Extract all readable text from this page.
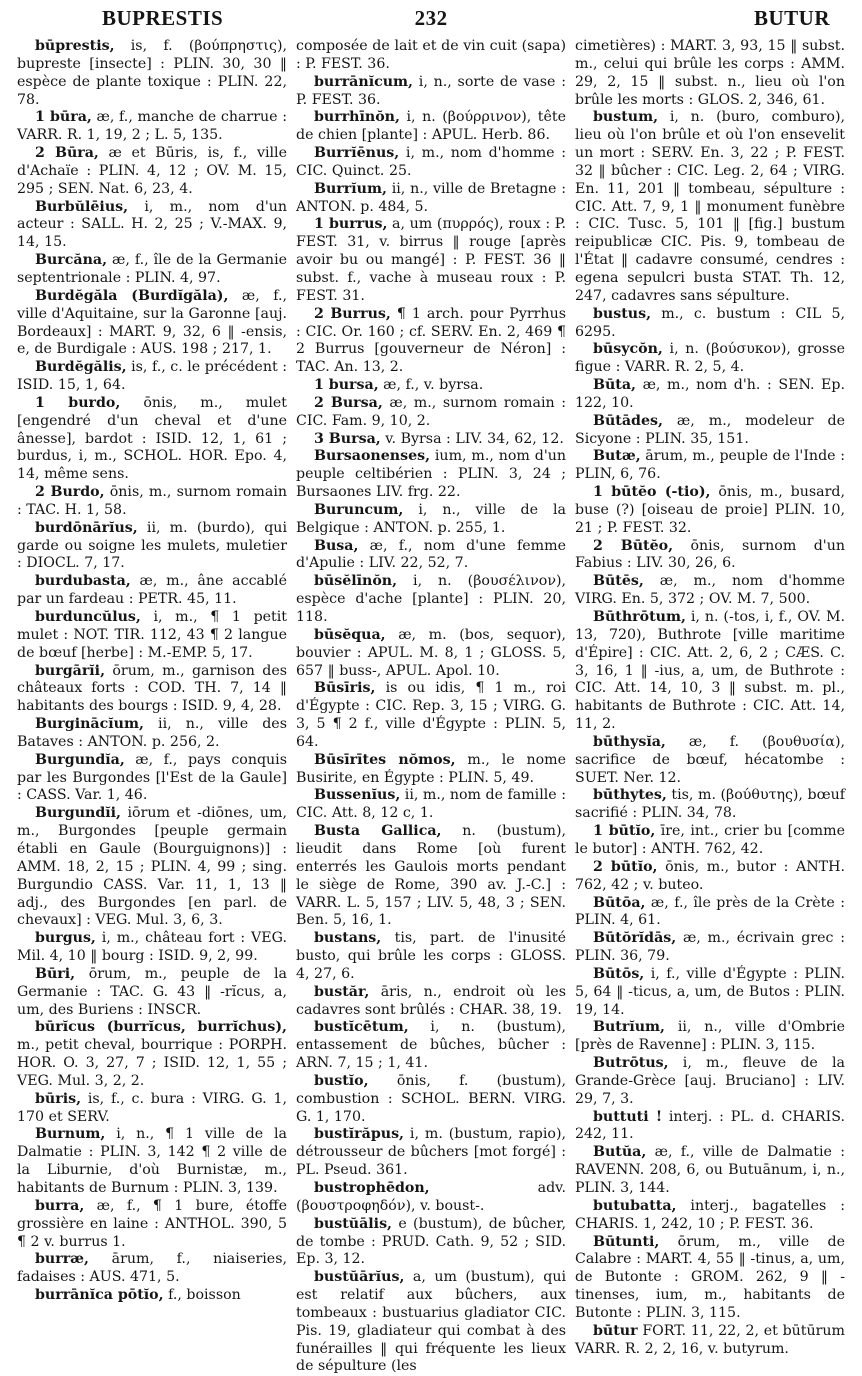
BUPRESTIS	232	BUTUR

būprestis, is, f. (βούπρηστις), bupreste [insecte] : PLIN. 30, 30 ‖ espèce de plante toxique : PLIN. 22, 78.

1 būra, æ, f., manche de charrue : VARR. R. 1, 19, 2 ; L. 5, 135.

2 Būra, æ et Būris, is, f., ville d'Achaïe : PLIN. 4, 12 ; OV. M. 15, 295 ; SEN. Nat. 6, 23, 4.

Burbŭlēius, i, m., nom d'un acteur : SALL. H. 2, 25 ; V.-MAX. 9, 14, 15.

Burcăna, æ, f., île de la Germanie septentrionale : PLIN. 4, 97.

Burdĕgăla (Burdĭgăla), æ, f., ville d'Aquitaine, sur la Garonne [auj. Bordeaux] : MART. 9, 32, 6 ‖ -ensis, e, de Burdigale : AUS. 198 ; 217, 1.

Burdĕgălis, is, f., c. le précédent : ISID. 15, 1, 64.

1 burdo, ōnis, m., mulet [engendré d'un cheval et d'une ânesse], bardot : ISID. 12, 1, 61 ; burdus, i, m., SCHOL. HOR. Epo. 4, 14, même sens.

2 Burdo, ōnis, m., surnom romain : TAC. H. 1, 58.

burdōnārĭus, ii, m. (burdo), qui garde ou soigne les mulets, muletier : DIOCL. 7, 17.

burdubasta, æ, m., âne accablé par un fardeau : PETR. 45, 11.

burduncŭlus, i, m., ¶ 1 petit mulet : NOT. TIR. 112, 43 ¶ 2 langue de bœuf [herbe] : M.-EMP. 5, 17.

burgārĭi, ōrum, m., garnison des châteaux forts : COD. TH. 7, 14 ‖ habitants des bourgs : ISID. 9, 4, 28.

Burginācĭum, ii, n., ville des Bataves : ANTON. p. 256, 2.

Burgundĭa, æ, f., pays conquis par les Burgondes [l'Est de la Gaule] : CASS. Var. 1, 46.

Burgundĭi, iōrum et -diōnes, um, m., Burgondes [peuple germain établi en Gaule (Bourguignons)] : AMM. 18, 2, 15 ; PLIN. 4, 99 ; sing. Burgundio CASS. Var. 11, 1, 13 ‖ adj., des Burgondes [en parl. de chevaux] : VEG. Mul. 3, 6, 3.

burgus, i, m., château fort : VEG. Mil. 4, 10 ‖ bourg : ISID. 9, 2, 99.

Būri, ōrum, m., peuple de la Germanie : TAC. G. 43 ‖ -rĭcus, a, um, des Buriens : INSCR.

būrĭcus (burrĭcus, burrĭchus), m., petit cheval, bourrique : PORPH. HOR. O. 3, 27, 7 ; ISID. 12, 1, 55 ; VEG. Mul. 3, 2, 2.

būris, is, f., c. bura : VIRG. G. 1, 170 et SERV.

Burnum, i, n., ¶ 1 ville de la Dalmatie : PLIN. 3, 142 ¶ 2 ville de la Liburnie, d'où Burnistæ, m., habitants de Burnum : PLIN. 3, 139.

burra, æ, f., ¶ 1 bure, étoffe grossière en laine : ANTHOL. 390, 5 ¶ 2 v. burrus 1.

burræ, ārum, f., niaiseries, fadaises : AUS. 471, 5.

burrānĭca pōtĭo, f., boisson

composée de lait et de vin cuit (sapa) : P. FEST. 36.

burrānĭcum, i, n., sorte de vase : P. FEST. 36.

burrhīnŏn, i, n. (βούρρινον), tête de chien [plante] : APUL. Herb. 86.

Burrĭēnus, i, m., nom d'homme : CIC. Quinct. 25.

Burrĭum, ii, n., ville de Bretagne : ANTON. p. 484, 5.

1 burrus, a, um (πυρρός), roux : P. FEST. 31, v. birrus ‖ rouge [après avoir bu ou mangé] : P. FEST. 36 ‖ subst. f., vache à museau roux : P. FEST. 31.

2 Burrus, ¶ 1 arch. pour Pyrrhus : CIC. Or. 160 ; cf. SERV. En. 2, 469 ¶ 2 Burrus [gouverneur de Néron] : TAC. An. 13, 2.

1 bursa, æ, f., v. byrsa.

2 Bursa, æ, m., surnom romain : CIC. Fam. 9, 10, 2.

3 Bursa, v. Byrsa : LIV. 34, 62, 12.

Bursaonenses, ium, m., nom d'un peuple celtibérien : PLIN. 3, 24 ; Bursaones LIV. frg. 22.

Buruncum, i, n., ville de la Belgique : ANTON. p. 255, 1.

Busa, æ, f., nom d'une femme d'Apulie : LIV. 22, 52, 7.

būsĕlīnŏn, i, n. (βουσέλινον), espèce d'ache [plante] : PLIN. 20, 118.

būsĕqua, æ, m. (bos, sequor), bouvier : APUL. M. 8, 1 ; GLOSS. 5, 657 ‖ buss-, APUL. Apol. 10.

Būsīris, is ou idis, ¶ 1 m., roi d'Égypte : CIC. Rep. 3, 15 ; VIRG. G. 3, 5 ¶ 2 f., ville d'Égypte : PLIN. 5, 64.

Būsīrītes nŏmos, m., le nome Busirite, en Égypte : PLIN. 5, 49.

Bussenĭus, ii, m., nom de famille : CIC. Att. 8, 12 c, 1.

Busta Gallica, n. (bustum), lieudit dans Rome [où furent enterrés les Gaulois morts pendant le siège de Rome, 390 av. J.-C.] : VARR. L. 5, 157 ; LIV. 5, 48, 3 ; SEN. Ben. 5, 16, 1.

bustans, tis, part. de l'inusité busto, qui brûle les corps : GLOSS. 4, 27, 6.

bustăr, āris, n., endroit où les cadavres sont brûlés : CHAR. 38, 19.

bustĭcētum, i, n. (bustum), entassement de bûches, bûcher : ARN. 7, 15 ; 1, 41.

bustĭo, ōnis, f. (bustum), combustion : SCHOL. BERN. VIRG. G. 1, 170.

bustĭrăpus, i, m. (bustum, rapio), détrousseur de bûchers [mot forgé] : PL. Pseud. 361.

bustrophēdon, adv. (βουστροφηδόν), v. boust-.

bustŭālis, e (bustum), de bûcher, de tombe : PRUD. Cath. 9, 52 ; SID. Ep. 3, 12.

bustŭārĭus, a, um (bustum), qui est relatif aux bûchers, aux tombeaux : bustuarius gladiator CIC. Pis. 19, gladiateur qui combat à des funérailles ‖ qui fréquente les lieux de sépulture (les

cimetières) : MART. 3, 93, 15 ‖ subst. m., celui qui brûle les corps : AMM. 29, 2, 15 ‖ subst. n., lieu où l'on brûle les morts : GLOS. 2, 346, 61.

bustum, i, n. (buro, comburo), lieu où l'on brûle et où l'on ensevelit un mort : SERV. En. 3, 22 ; P. FEST. 32 ‖ bûcher : CIC. Leg. 2, 64 ; VIRG. En. 11, 201 ‖ tombeau, sépulture : CIC. Att. 7, 9, 1 ‖ monument funèbre : CIC. Tusc. 5, 101 ‖ [fig.] bustum reipublicæ CIC. Pis. 9, tombeau de l'État ‖ cadavre consumé, cendres : egena sepulcri busta STAT. Th. 12, 247, cadavres sans sépulture.

bustus, m., c. bustum : CIL 5, 6295.

būsycŏn, i, n. (βούσυκον), grosse figue : VARR. R. 2, 5, 4.

Būta, æ, m., nom d'h. : SEN. Ep. 122, 10.

Būtādes, æ, m., modeleur de Sicyone : PLIN. 35, 151.

Butæ, ārum, m., peuple de l'Inde : PLIN, 6, 76.

1 būtĕo (-tio), ōnis, m., busard, buse (?) [oiseau de proie] PLIN. 10, 21 ; P. FEST. 32.

2 Būtĕo, ōnis, surnom d'un Fabius : LIV. 30, 26, 6.

Būtēs, æ, m., nom d'homme VIRG. En. 5, 372 ; OV. M. 7, 500.

Būthrōtum, i, n. (-tos, i, f., OV. M. 13, 720), Buthrote [ville maritime d'Épire] : CIC. Att. 2, 6, 2 ; CÆS. C. 3, 16, 1 ‖ -ius, a, um, de Buthrote : CIC. Att. 14, 10, 3 ‖ subst. m. pl., habitants de Buthrote : CIC. Att. 14, 11, 2.

būthysĭa, æ, f. (βουθυσία), sacrifice de bœuf, hécatombe : SUET. Ner. 12.

būthytes, tis, m. (βούθυτης), bœuf sacrifié : PLIN. 34, 78.

1 būtĭo, īre, int., crier bu [comme le butor] : ANTH. 762, 42.

2 būtĭo, ōnis, m., butor : ANTH. 762, 42 ; v. buteo.

Būtōa, æ, f., île près de la Crète : PLIN. 4, 61.

Būtŏrĭdās, æ, m., écrivain grec : PLIN. 36, 79.

Būtōs, i, f., ville d'Égypte : PLIN. 5, 64 ‖ -ticus, a, um, de Butos : PLIN. 19, 14.

Butrĭum, ii, n., ville d'Ombrie [près de Ravenne] : PLIN. 3, 115.

Butrōtus, i, m., fleuve de la Grande-Grèce [auj. Bruciano] : LIV. 29, 7, 3.

buttuti ! interj. : PL. d. CHARIS. 242, 11.

Butŭa, æ, f., ville de Dalmatie : RAVENN. 208, 6, ou Butuānum, i, n., PLIN. 3, 144.

butubatta, interj., bagatelles : CHARIS. 1, 242, 10 ; P. FEST. 36.

Būtunti, ōrum, m., ville de Calabre : MART. 4, 55 ‖ -tinus, a, um, de Butonte : GROM. 262, 9 ‖ -tinenses, ium, m., habitants de Butonte : PLIN. 3, 115.

būtur FORT. 11, 22, 2, et būtūrum VARR. R. 2, 2, 16, v. butyrum.
